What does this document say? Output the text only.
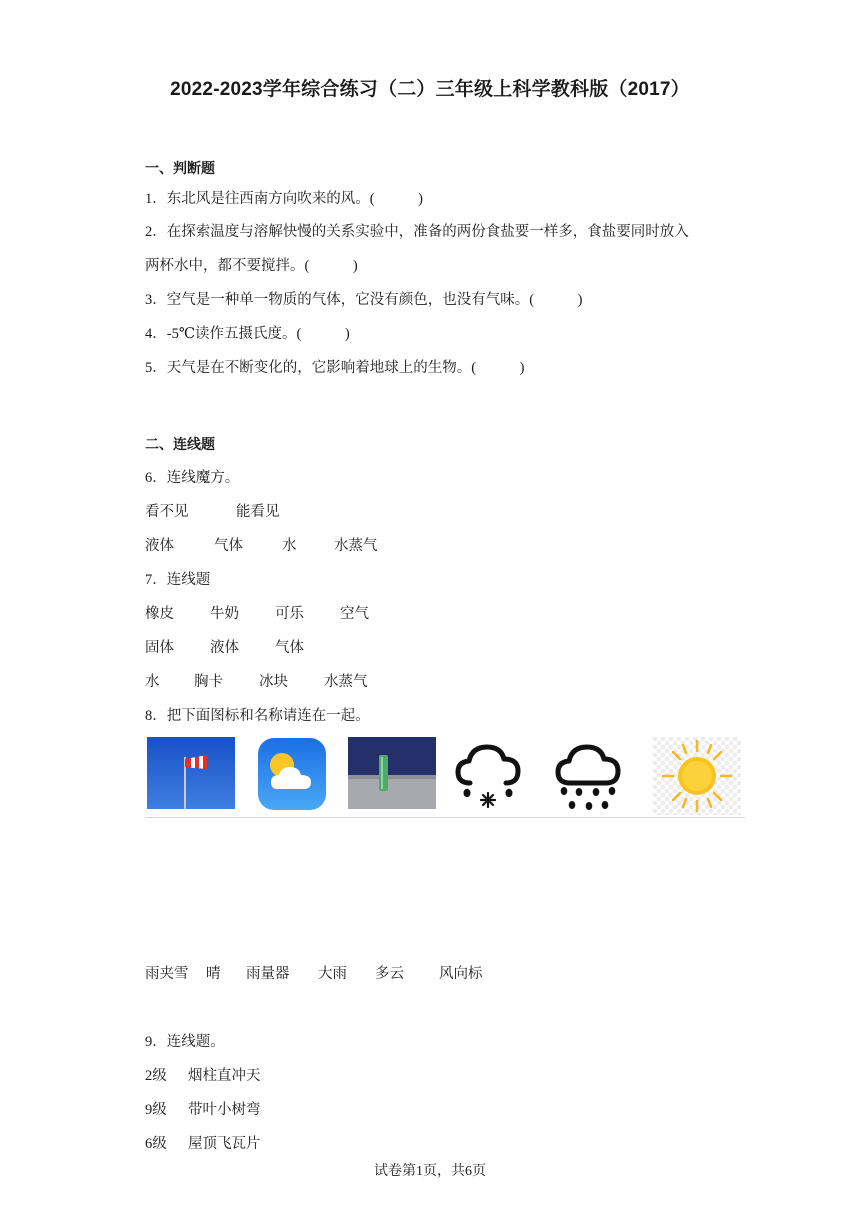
2022-2023学年综合练习（二）三年级上科学教科版（2017）
一、判断题
1．东北风是往西南方向吹来的风。(　　　)
2．在探索温度与溶解快慢的关系实验中，准备的两份食盐要一样多，食盐要同时放入
两杯水中，都不要搅拌。(　　　)
3．空气是一种单一物质的气体，它没有颜色，也没有气味。(　　　)
4．-5℃读作五摄氏度。(　　　)
5．天气是在不断变化的，它影响着地球上的生物。(　　　)
二、连线题
6．连线魔方。
看不见	能看见
液体	气体	水	水蒸气
7．连线题
橡皮 牛奶 可乐 空气
固体 液体 气体
水 胸卡 冰块 水蒸气
8．把下面图标和名称请连在一起。
雨夹雪 晴 雨量器 大雨 多云 风向标
9．连线题。
2级 烟柱直冲天
9级 带叶小树弯
6级 屋顶飞瓦片
试卷第1页，共6页
